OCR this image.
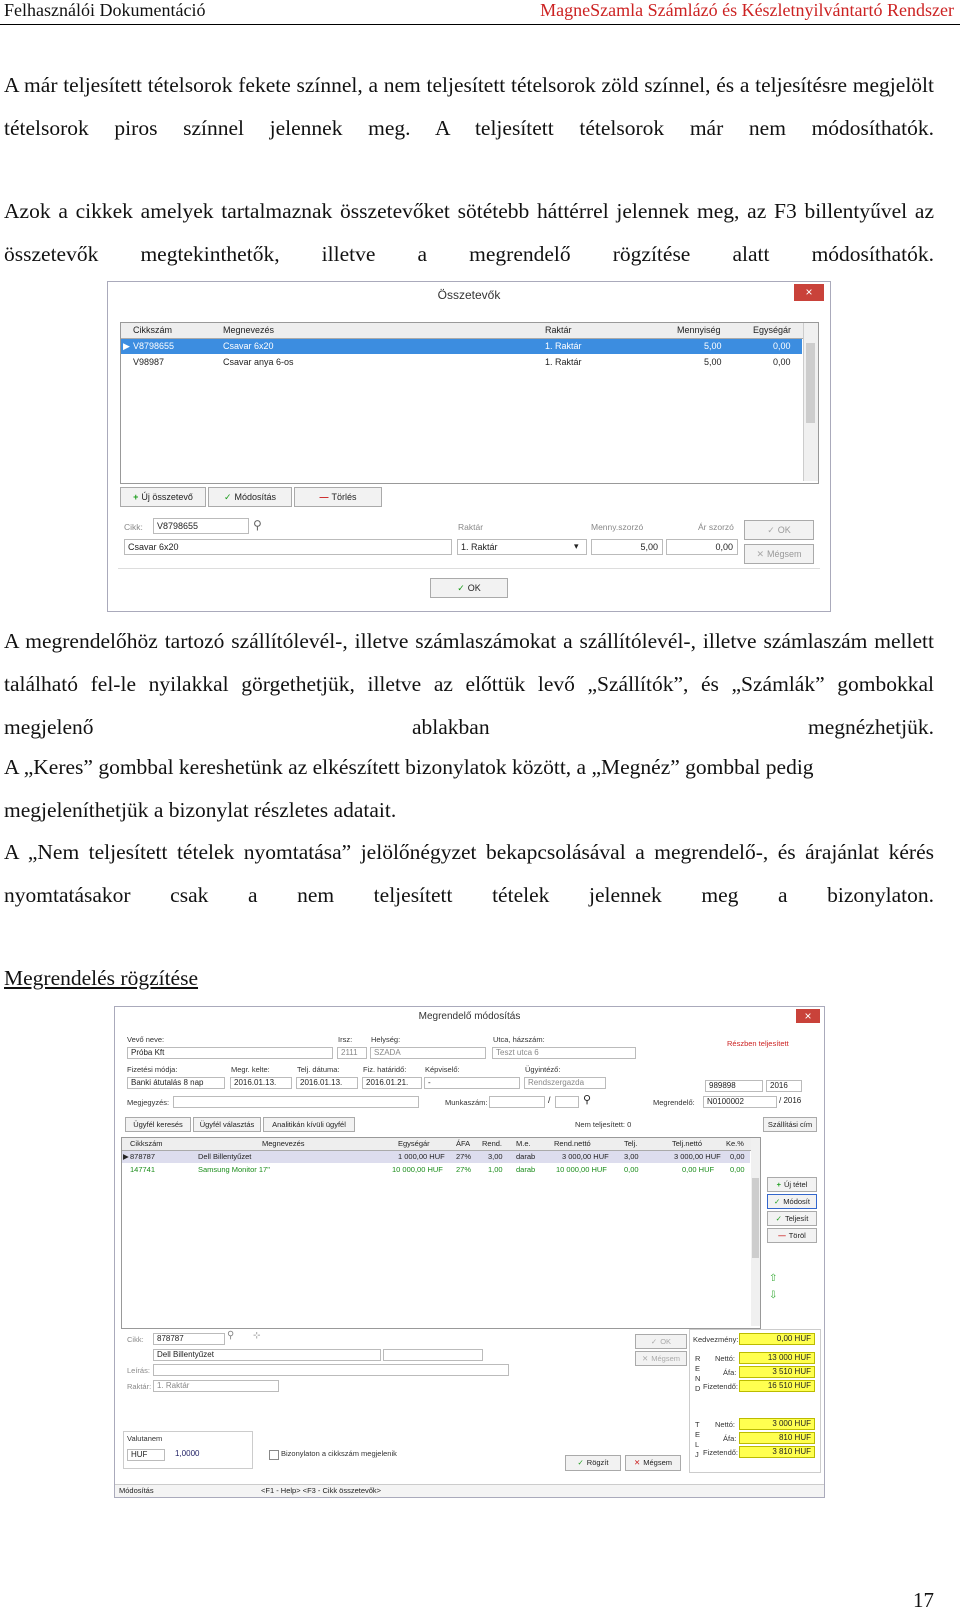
Felhasználói Dokumentáció	MagneSzamla Számlázó és Készletnyilvántartó Rendszer

A már teljesített tételsorok fekete színnel, a nem teljesített tételsorok zöld színnel, és a teljesítésre megjelölt tételsorok piros színnel jelennek meg. A teljesített tételsorok már nem módosíthatók.

Azok a cikkek amelyek tartalmaznak összetevőket sötétebb háttérrel jelennek meg, az F3 billentyűvel az összetevők megtekinthetők, illetve a megrendelő rögzítése alatt módosíthatók.

Összetevők	×
Cikkszám	Megnevezés	Raktár	Mennyiség	Egységár
▶ V8798655	Csavar 6x20	1. Raktár	5,00	0,00
V98987	Csavar anya 6-os	1. Raktár	5,00	0,00
+ Új összetevő	✓ Módosítás	— Törlés
Cikk:	V8798655	⚲
Csavar 6x20
Raktár
1. Raktár	▾
Menny.szorzó
5,00
Ár szorzó
0,00
✓ OK
✕ Mégsem
✓ OK

A megrendelőhöz tartozó szállítólevél-, illetve számlaszámokat a szállítólevél-, illetve számlaszám mellett található fel-le nyilakkal görgethetjük, illetve az előttük levő „Szállítók”, és „Számlák” gombokkal megjelenő ablakban megnézhetjük.

A „Keres” gombbal kereshetünk az elkészített bizonylatok között, a „Megnéz” gombbal pedig megjeleníthetjük a bizonylat részletes adatait.

A „Nem teljesített tételek nyomtatása” jelölőnégyzet bekapcsolásával a megrendelő-, és árajánlat kérés nyomtatásakor csak a nem teljesített tételek jelennek meg a bizonylaton.

Megrendelés rögzítése

Megrendelő módosítás	×
Vevő neve:
Próba Kft
Irsz:
2111
Helység:
SZADA
Utca, házszám:
Teszt utca 6
Részben teljesített
Fizetési módja:
Banki átutalás 8 nap
Megr. kelte:
2016.01.13.
Telj. dátuma:
2016.01.13.
Fiz. határidő:
2016.01.21.
Képviselő:
-
Ügyintéző:
Rendszergazda	989898	2016
Megjegyzés:	Munkaszám:	/	⚲	Megrendelő:	N0100002	/ 2016
Ügyfél keresés	Ügyfél választás	Analitikán kívüli ügyfél	Nem teljesített: 0	Szállítási cím
Cikkszám	Megnevezés	Egységár	ÁFA Rend. M.e.	Rend.nettó	Telj.	Telj.nettó	Ke.%
▶ 878787	Dell Billentyűzet	1 000,00 HUF 27% 3,00 darab	3 000,00 HUF 3,00	3 000,00 HUF 0,00
147741	Samsung Monitor 17"	10 000,00 HUF 27% 1,00 darab	10 000,00 HUF 0,00	0,00 HUF 0,00
+ Új tétel
✓ Módosít
✓ Teljesít
— Töröl
⇧
⇩
Cikk:	878787	⚲ ⊹
Dell Billentyűzet
Leírás:
Raktár: 1. Raktár
✓ OK
✕ Mégsem
Kedvezmény:	0,00 HUF
R
E
N
D
Nettó:	13 000 HUF
Áfa:	3 510 HUF
Fizetendő:	16 510 HUF
T
E
L
J
Nettó:	3 000 HUF
Áfa:	810 HUF
Fizetendő:	3 810 HUF
Valutanem
HUF	1,0000	Bizonylaton a cikkszám megjelenik
✓ Rögzít	✕ Mégsem
Módosítás	<F1 - Help> <F3 - Cikk összetevők>
17
